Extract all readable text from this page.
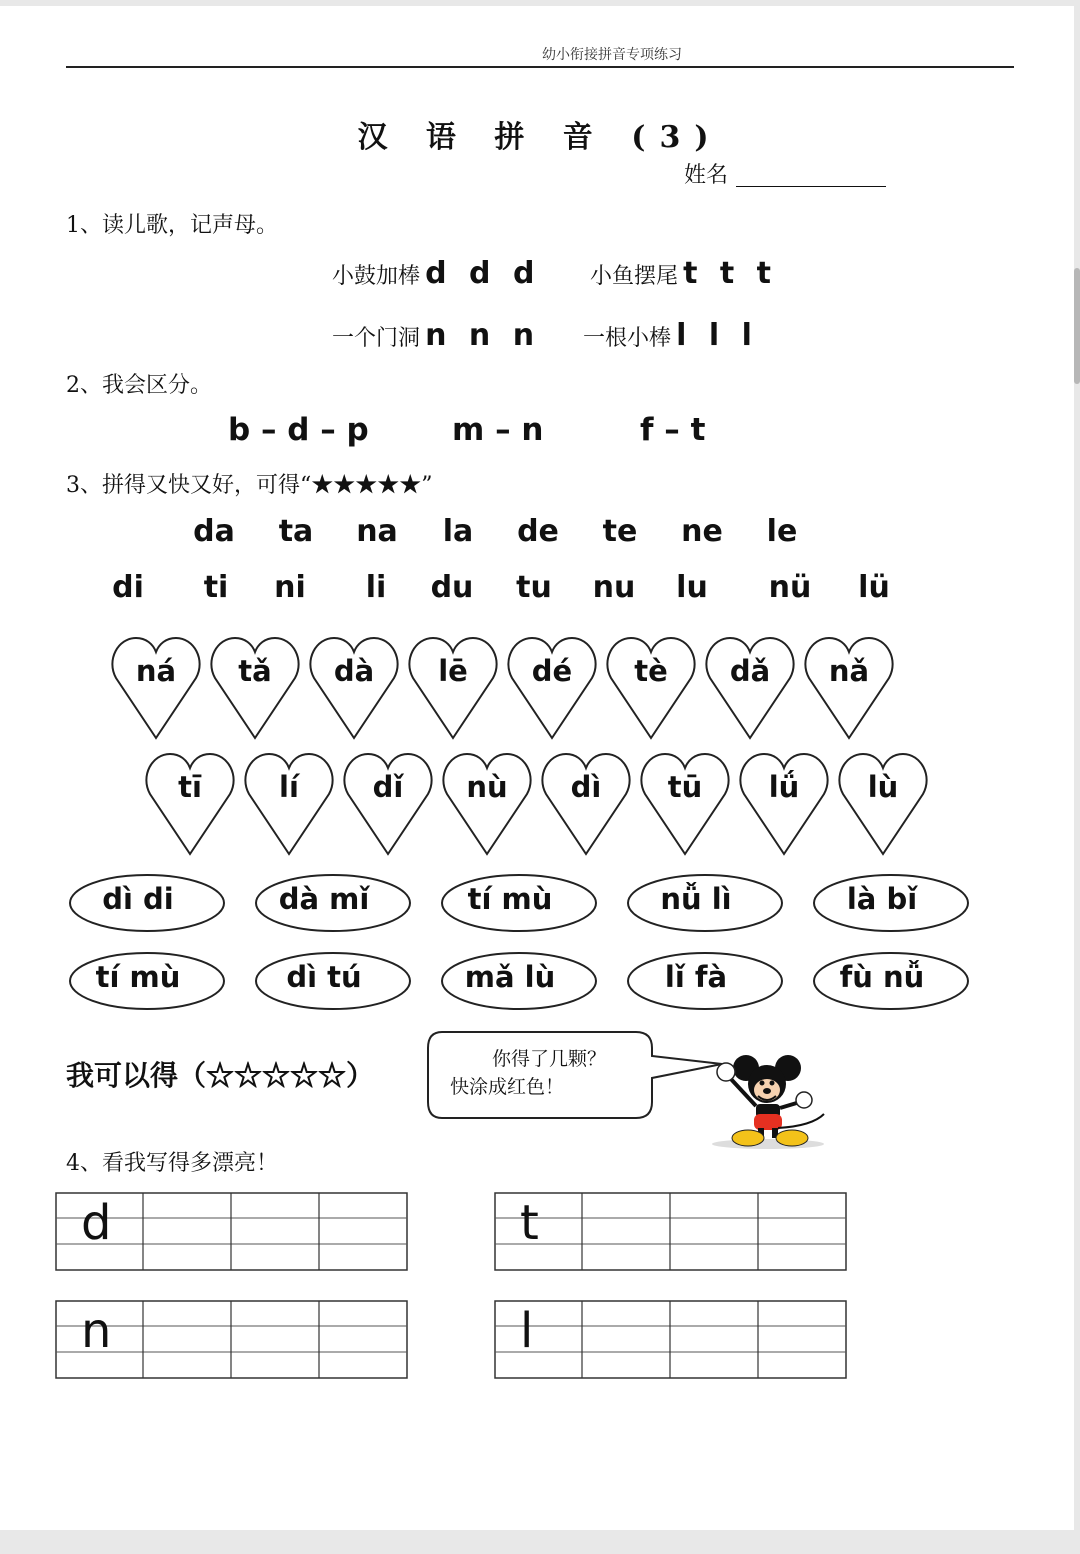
幼小衔接拼音专项练习
汉 语 拼 音 (3)
姓名
1、读儿歌，记声母。
小鼓加棒 d d d 小鱼摆尾 t t t
一个门洞 n n n 一根小棒 l l l
2、我会区分。
b – d – p	m – n	f – t
3、拼得又快又好，可得“★★★★★”
da	ta	na	la	de	te	ne	le
di	ti	ni	li	du	tu	nu	lu	nü	lü
ná	tǎ	dà	lē	dé	tè	dǎ	nǎ
tī	lí	dǐ	nù	dì	tū	lǘ	lù
dì di	dà mǐ	tí mù	nǚ lì	là bǐ
tí mù	dì tú	mǎ lù	lǐ fà	fù nǚ
我可以得（☆☆☆☆☆）	你得了几颗？
快涂成红色！
4、看我写得多漂亮！
d	t
n	l
